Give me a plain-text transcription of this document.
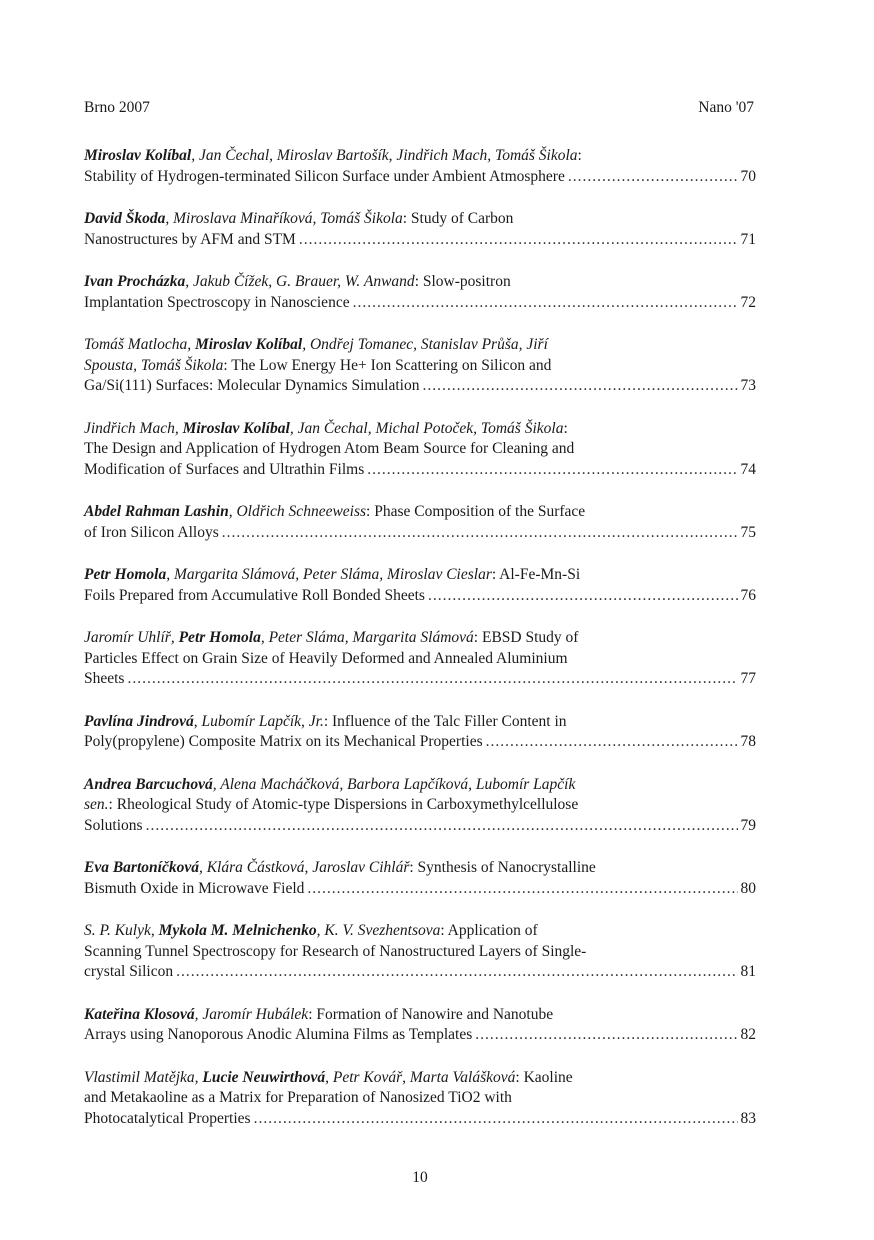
Brno 2007	Nano '07
Miroslav Kolíbal, Jan Čechal, Miroslav Bartošík, Jindřich Mach, Tomáš Šikola:
Stability of Hydrogen-terminated Silicon Surface under Ambient Atmosphere .....	70
David Škoda, Miroslava Minaříková, Tomáš Šikola: Study of Carbon
Nanostructures by AFM and STM .....	71
Ivan Procházka, Jakub Čížek, G. Brauer, W. Anwand: Slow-positron
Implantation Spectroscopy in Nanoscience .....	72
Tomáš Matlocha, Miroslav Kolíbal, Ondřej Tomanec, Stanislav Průša, Jiří
Spousta, Tomáš Šikola: The Low Energy He+ Ion Scattering on Silicon and
Ga/Si(111) Surfaces: Molecular Dynamics Simulation .....	73
Jindřich Mach, Miroslav Kolíbal, Jan Čechal, Michal Potoček, Tomáš Šikola:
The Design and Application of Hydrogen Atom Beam Source for Cleaning and
Modification of Surfaces and Ultrathin Films .....	74
Abdel Rahman Lashin, Oldřich Schneeweiss: Phase Composition of the Surface
of Iron Silicon Alloys .....	75
Petr Homola, Margarita Slámová, Peter Sláma, Miroslav Cieslar: Al-Fe-Mn-Si
Foils Prepared from Accumulative Roll Bonded Sheets .....	76
Jaromír Uhlíř, Petr Homola, Peter Sláma, Margarita Slámová: EBSD Study of
Particles Effect on Grain Size of Heavily Deformed and Annealed Aluminium
Sheets .....	77
Pavlína Jindrová, Lubomír Lapčík, Jr.: Influence of the Talc Filler Content in
Poly(propylene) Composite Matrix on its Mechanical Properties .....	78
Andrea Barcuchová, Alena Macháčková, Barbora Lapčíková, Lubomír Lapčík
sen.: Rheological Study of Atomic-type Dispersions in Carboxymethylcellulose
Solutions .....	79
Eva Bartoníčková, Klára Částková, Jaroslav Cihlář: Synthesis of Nanocrystalline
Bismuth Oxide in Microwave Field .....	80
S. P. Kulyk, Mykola M. Melnichenko, K. V. Svezhentsova: Application of
Scanning Tunnel Spectroscopy for Research of Nanostructured Layers of Single-
crystal Silicon .....	81
Kateřina Klosová, Jaromír Hubálek: Formation of Nanowire and Nanotube
Arrays using Nanoporous Anodic Alumina Films as Templates .....	82
Vlastimil Matějka, Lucie Neuwirthová, Petr Kovář, Marta Valášková: Kaoline
and Metakaoline as a Matrix for Preparation of Nanosized TiO2 with
Photocatalytical Properties .....	83
10
